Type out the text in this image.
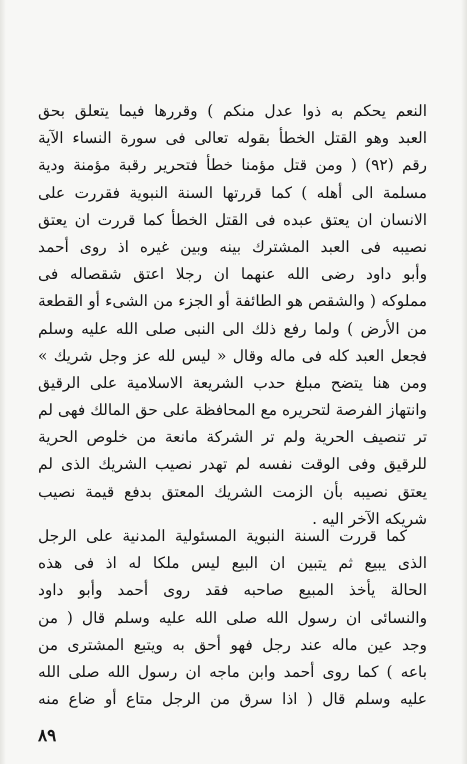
النعم يحكم به ذوا عدل منكم ) وقررها فيما يتعلق بحق
العبد وهو القتل الخطأ بقوله تعالى فى سورة النساء الآية
رقم (٩٢) ( ومن قتل مؤمنا خطأ فتحرير رقبة مؤمنة ودية
مسلمة الى أهله ) كما قررتها السنة النبوية فقررت على
الانسان ان يعتق عبده فى القتل الخطأ كما قررت ان يعتق
نصيبه فى العبد المشترك بينه وبين غيره اذ روى أحمد
وأبو داود رضى الله عنهما ان رجلا اعتق شقصاله فى
مملوكه ( والشقص هو الطائفة أو الجزء من الشىء أو القطعة
من الأرض ) ولما رفع ذلك الى النبى صلى الله عليه وسلم
فجعل العبد كله فى ماله وقال « ليس لله عز وجل شريك »
ومن هنا يتضح مبلغ حدب الشريعة الاسلامية على الرقيق
وانتهاز الفرصة لتحريره مع المحافظة على حق المالك فهى لم
تر تنصيف الحرية ولم تر الشركة مانعة من خلوص الحرية
للرقيق وفى الوقت نفسه لم تهدر نصيب الشريك الذى لم
يعتق نصيبه بأن الزمت الشريك المعتق بدفع قيمة نصيب
شريكه الآخر اليه .
كما قررت السنة النبوية المسئولية المدنية على الرجل
الذى يبيع ثم يتبين ان البيع ليس ملكا له اذ فى هذه
الحالة يأخذ المبيع صاحبه فقد روى أحمد وأبو داود
والنسائى ان رسول الله صلى الله عليه وسلم قال ( من
وجد عين ماله عند رجل فهو أحق به ويتبع المشترى من
باعه ) كما روى أحمد وابن ماجه ان رسول الله صلى الله
عليه وسلم قال ( اذا سرق من الرجل متاع أو ضاع منه
٨٩
